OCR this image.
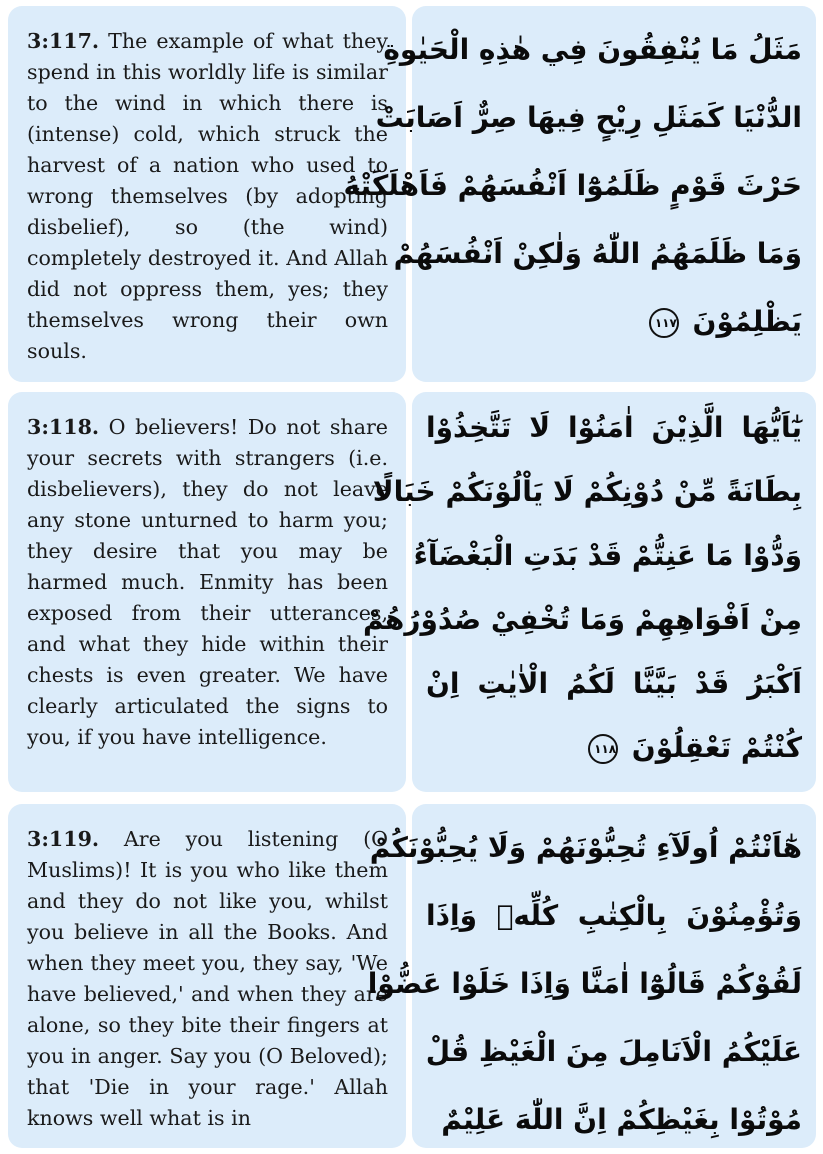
3:117. The example of what they spend in this worldly life is similar to the wind in which there is (intense) cold, which struck the harvest of a nation who used to wrong themselves (by adopting disbelief), so (the wind) completely destroyed it. And Allah did not oppress them, yes; they themselves wrong their own souls.
مَثَلُ مَا يُنْفِقُونَ فِي هٰذِهِ الْحَيٰوةِ
الدُّنْيَا كَمَثَلِ رِيْحٍ فِيهَا صِرٌّ اَصَابَتْ
حَرْثَ قَوْمٍ ظَلَمُوْٓا اَنْفُسَهُمْ فَاَهْلَكَتْهُ
وَمَا ظَلَمَهُمُ اللّٰهُ وَلٰكِنْ اَنْفُسَهُمْ
يَظْلِمُوْنَ ١١٧
3:118. O believers! Do not share your secrets with strangers (i.e. disbelievers), they do not leave any stone unturned to harm you; they desire that you may be harmed much. Enmity has been exposed from their utterances, and what they hide within their chests is even greater. We have clearly articulated the signs to you, if you have intelligence.
يٰٓاَيُّهَا الَّذِيْنَ اٰمَنُوْا لَا تَتَّخِذُوْا
بِطَانَةً مِّنْ دُوْنِكُمْ لَا يَاْلُوْنَكُمْ خَبَالًا
وَدُّوْا مَا عَنِتُّمْ قَدْ بَدَتِ الْبَغْضَآءُ
مِنْ اَفْوَاهِهِمْ وَمَا تُخْفِيْ صُدُوْرُهُمْ
اَكْبَرُ قَدْ بَيَّنَّا لَكُمُ الْاٰيٰتِ اِنْ
كُنْتُمْ تَعْقِلُوْنَ ١١٨
3:119. Are you listening (O Muslims)! It is you who like them and they do not like you, whilst you believe in all the Books. And when they meet you, they say, 'We have believed,' and when they are alone, so they bite their fingers at you in anger. Say you (O Beloved); that 'Die in your rage.' Allah knows well what is in
هٰٓاَنْتُمْ اُولَآءِ تُحِبُّوْنَهُمْ وَلَا يُحِبُّوْنَكُمْ
وَتُؤْمِنُوْنَ بِالْكِتٰبِ كُلِّهٖ وَاِذَا
لَقُوْكُمْ قَالُوْٓا اٰمَنَّا وَاِذَا خَلَوْا عَضُّوْا
عَلَيْكُمُ الْاَنَامِلَ مِنَ الْغَيْظِ قُلْ
مُوْتُوْا بِغَيْظِكُمْ اِنَّ اللّٰهَ عَلِيْمٌ
